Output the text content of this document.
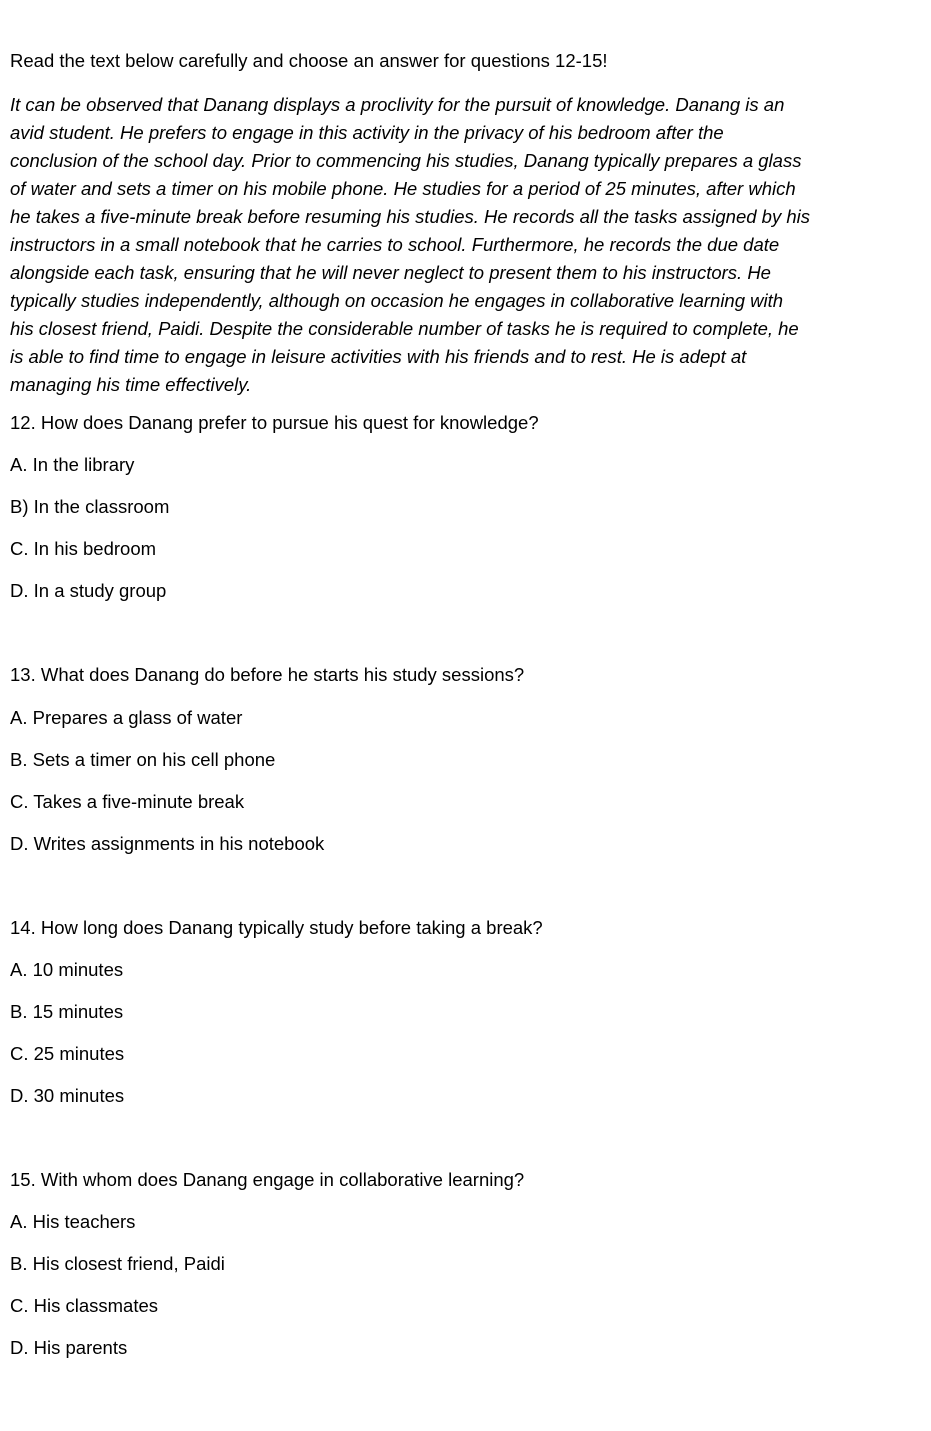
Read the text below carefully and choose an answer for questions 12-15!
It can be observed that Danang displays a proclivity for the pursuit of knowledge. Danang is an
avid student. He prefers to engage in this activity in the privacy of his bedroom after the
conclusion of the school day. Prior to commencing his studies, Danang typically prepares a glass
of water and sets a timer on his mobile phone. He studies for a period of 25 minutes, after which
he takes a five-minute break before resuming his studies. He records all the tasks assigned by his
instructors in a small notebook that he carries to school. Furthermore, he records the due date
alongside each task, ensuring that he will never neglect to present them to his instructors. He
typically studies independently, although on occasion he engages in collaborative learning with
his closest friend, Paidi. Despite the considerable number of tasks he is required to complete, he
is able to find time to engage in leisure activities with his friends and to rest. He is adept at
managing his time effectively.
12. How does Danang prefer to pursue his quest for knowledge?
A. In the library
B) In the classroom
C. In his bedroom
D. In a study group
13. What does Danang do before he starts his study sessions?
A. Prepares a glass of water
B. Sets a timer on his cell phone
C. Takes a five-minute break
D. Writes assignments in his notebook
14. How long does Danang typically study before taking a break?
A. 10 minutes
B. 15 minutes
C. 25 minutes
D. 30 minutes
15. With whom does Danang engage in collaborative learning?
A. His teachers
B. His closest friend, Paidi
C. His classmates
D. His parents
